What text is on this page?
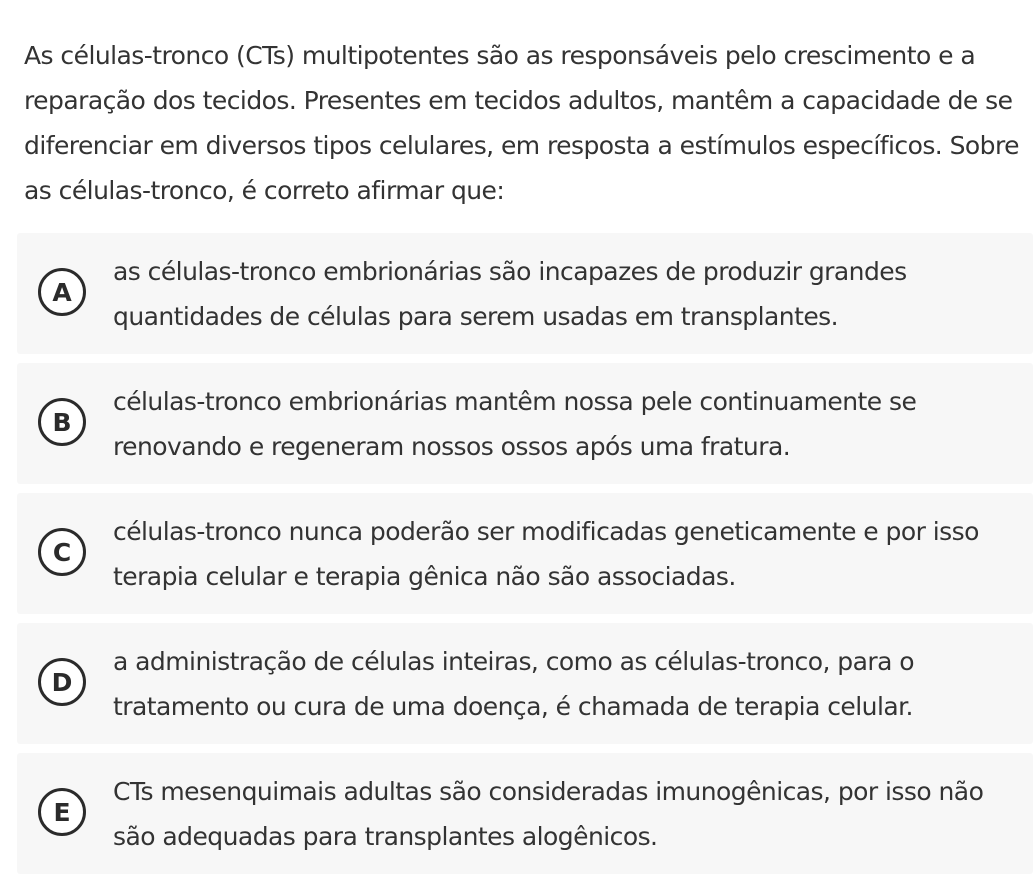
As células-tronco (CTs) multipotentes são as responsáveis pelo crescimento e a reparação dos tecidos. Presentes em tecidos adultos, mantêm a capacidade de se diferenciar em diversos tipos celulares, em resposta a estímulos específicos. Sobre as células-tronco, é correto afirmar que:

A
as células-tronco embrionárias são incapazes de produzir grandes quantidades de células para serem usadas em transplantes.
B
células-tronco embrionárias mantêm nossa pele continuamente se renovando e regeneram nossos ossos após uma fratura.
C
células-tronco nunca poderão ser modificadas geneticamente e por isso terapia celular e terapia gênica não são associadas.
D
a administração de células inteiras, como as células-tronco, para o tratamento ou cura de uma doença, é chamada de terapia celular.
E
CTs mesenquimais adultas são consideradas imunogênicas, por isso não são adequadas para transplantes alogênicos.
